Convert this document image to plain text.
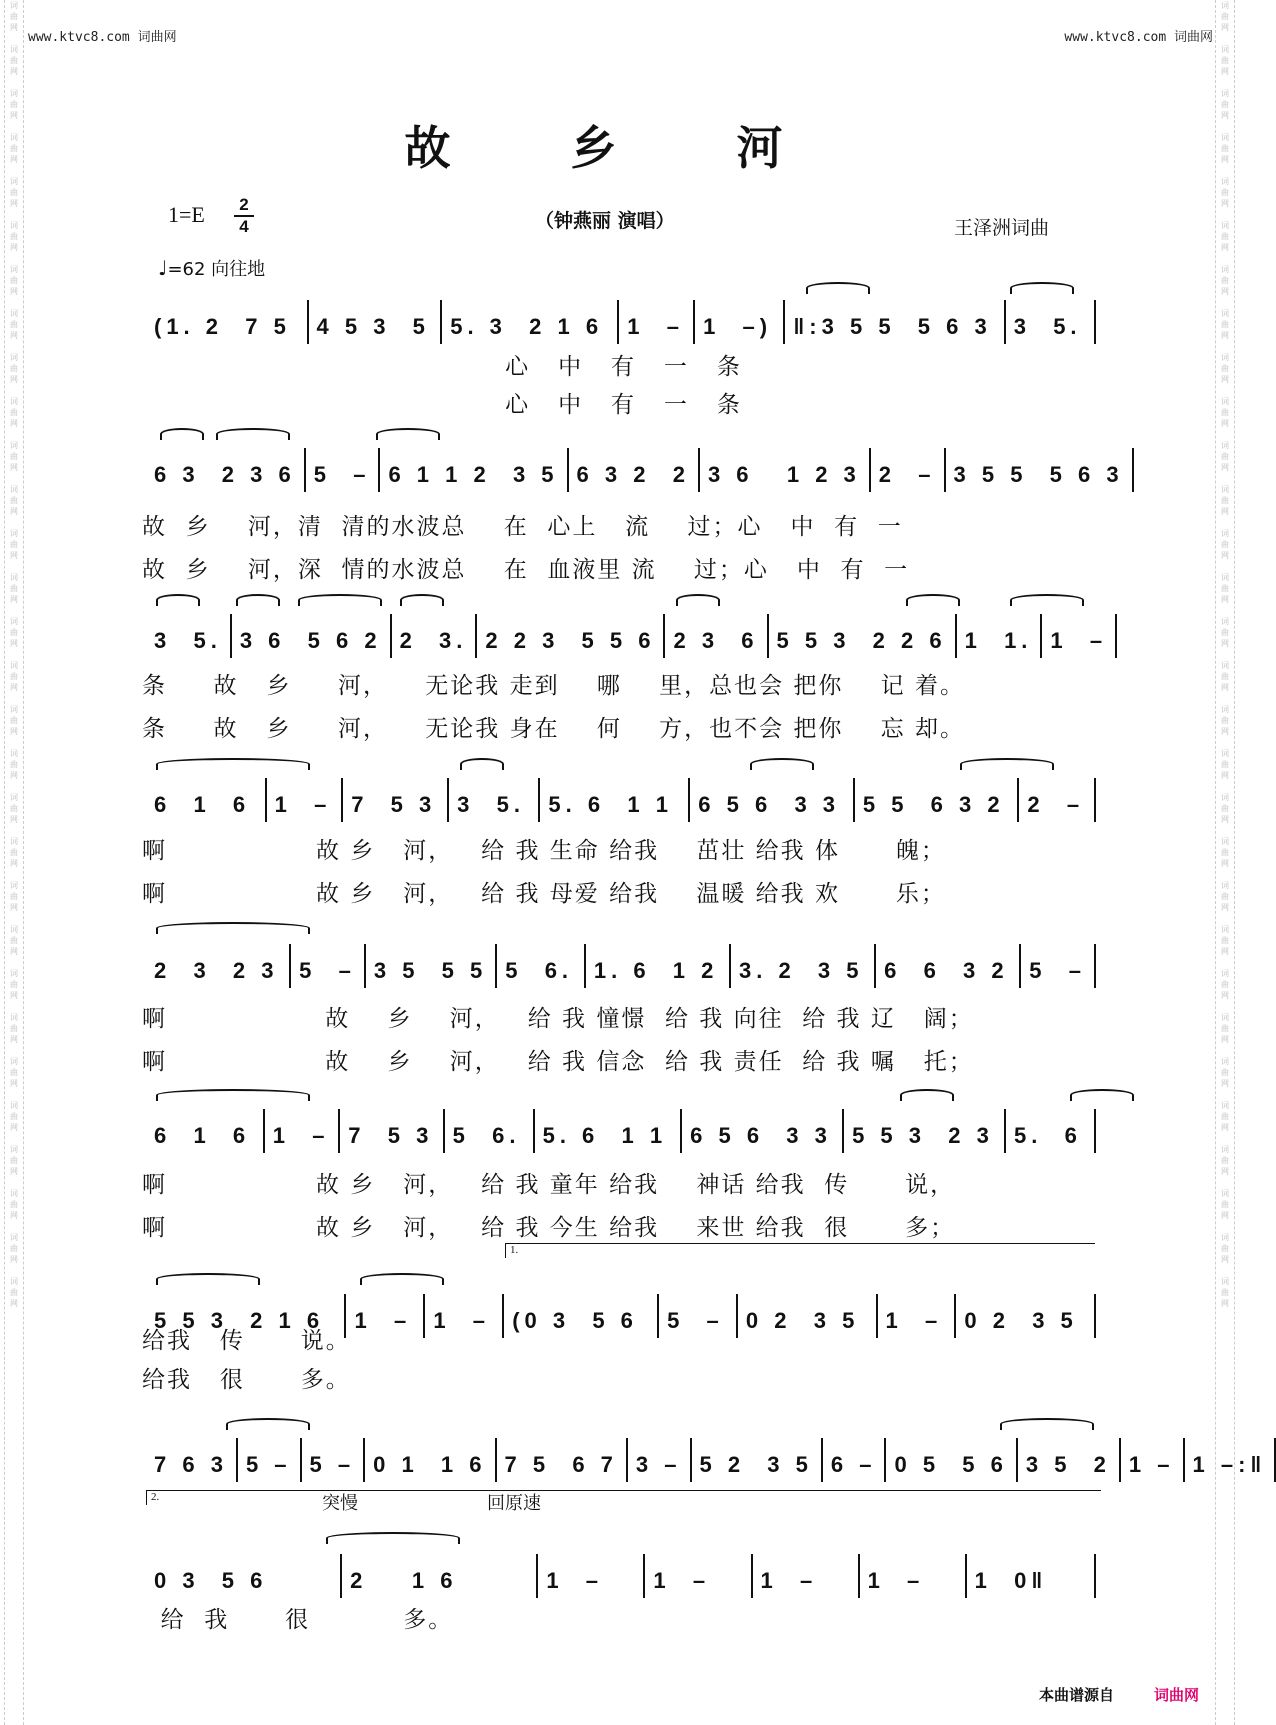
词
曲
网

词
曲
网

词
曲
网

词
曲
网

词
曲
网

词
曲
网

词
曲
网

词
曲
网

词
曲
网

词
曲
网

词
曲
网

词
曲
网

词
曲
网

词
曲
网

词
曲
网

词
曲
网

词
曲
网

词
曲
网

词
曲
网

词
曲
网

词
曲
网

词
曲
网

词
曲
网

词
曲
网

词
曲
网

词
曲
网

词
曲
网

词
曲
网

词
曲
网

词
曲
网

词
曲
网

词
曲
网

词
曲
网

词
曲
网

词
曲
网

词
曲
网

词
曲
网

词
曲
网

词
曲
网

词
曲
网

词
曲
网

词
曲
网

词
曲
网

词
曲
网

词
曲
网

词
曲
网

词
曲
网

词
曲
网

词
曲
网

词
曲
网

词
曲
网

词
曲
网

词
曲
网

词
曲
网

词
曲
网

词
曲
网

词
曲
网

词
曲
网

词
曲
网

词
曲
网

www.ktvc8.com 词曲网	www.ktvc8.com 词曲网
故 乡 河
1=E	2
4	（钟燕丽 演唱）	王泽洲词曲
♩=62 向往地
(1. 2  7 5	4 5 3  5 5. 3  2 1 6	1  – 1  –) ‖:3 5 5  5 6 3	3  5.
6 3  2 3 6 5  – 6 1 1 2  3 5 6 3 2  2 3 6   1 2 3 2  – 3 5 5  5 6 3
3  5. 3 6  5 6 2 2  3. 2 2 3  5 5 6 2 3  6 5 5 3  2 2 6 1  1. 1  –
6  1  6	1  – 7  5 3 3  5.	5. 6  1 1	6 5 6  3 3	5 5  6 3 2	2  –
2  3  2 3 5  – 3 5  5 5 5  6. 1. 6  1 2 3. 2  3 5 6  6  3 2 5  –
6  1  6	1  – 7  5 3 5  6.	5. 6  1 1	6 5 6  3 3 5 5 3  2 3 5.  6
5 5 3  2 1 6	1  –	1  –	(0 3  5 6	5  –	0 2  3 5	1  –	0 2  3 5
7 6 3 5 – 5 – 0 1  1 6 7 5  6 7 3 – 5 2  3 5 6 – 0 5  5 6 3 5  2 1 – 1 –:‖
0 3  5 6	2    1 6	1  –	1  –	1  –	1  –	1  0‖
心   中   有   一   条
心   中   有   一   条
故  乡    河，清  清的水波总    在  心上   流    过；心   中  有  一
故  乡    河，深  情的水波总    在  血液里 流    过；心   中  有  一
条     故   乡     河，    无论我 走到    哪    里，总也会 把你    记 着。
条     故   乡     河，    无论我 身在    何    方，也不会 把你    忘 却。
啊                故 乡   河，   给 我 生命 给我    茁壮 给我 体      魄；
啊                故 乡   河，   给 我 母爱 给我    温暖 给我 欢      乐；
啊                 故    乡    河，   给 我 憧憬  给 我 向往  给 我 辽   阔；
啊                 故    乡    河，   给 我 信念  给 我 责任  给 我 嘱   托；
啊                故 乡   河，   给 我 童年 给我    神话 给我  传      说，
啊                故 乡   河，   给 我 今生 给我    来世 给我  很      多；
给我   传      说。
给我   很      多。
给  我      很          多。
1.
2.	突慢	回原速
本曲谱源自	词曲网
